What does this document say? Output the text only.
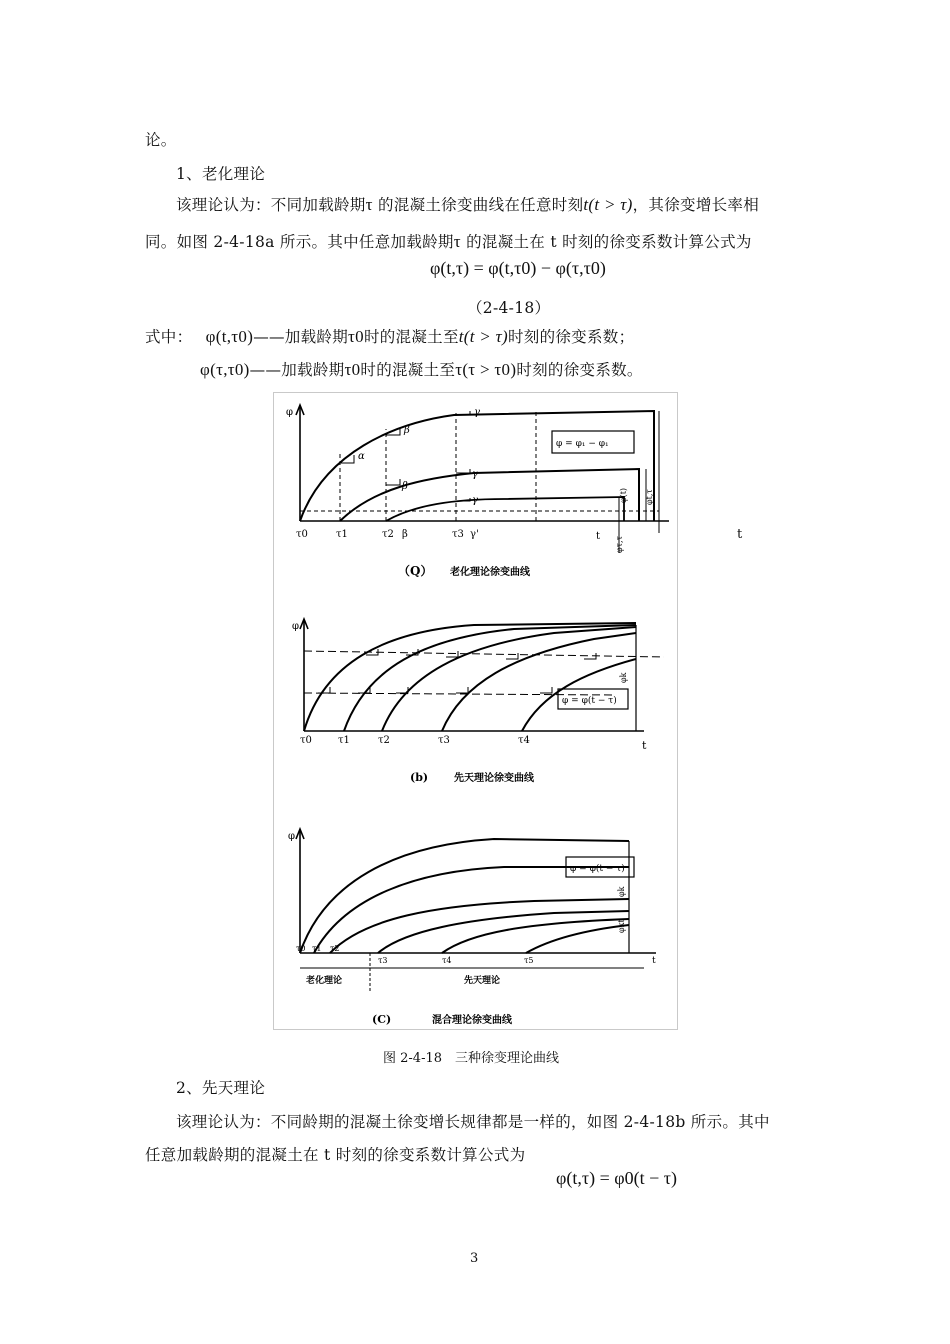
论。
1、老化理论
该理论认为：不同加载龄期τ 的混凝土徐变曲线在任意时刻t(t > τ)，其徐变增长率相
同。如图 2-4-18a 所示。其中任意加载龄期τ 的混凝土在 t 时刻的徐变系数计算公式为
φ(t,τ) = φ(t,τ0) − φ(τ,τ0)
（2-4-18）
式中： φ(t,τ0)——加载龄期τ0时的混凝土至t(t > τ)时刻的徐变系数；
φ(τ,τ0)——加载龄期τ0时的混凝土至τ(τ > τ0)时刻的徐变系数。
t
φ
τ0	τ1	τ2 β	τ3 γ'	t
α
β
γ
β
γ
γ
φ = φ₁ − φ₁
φ(t) φt,τ
φτ,τ
（Q） 老化理论徐变曲线
φ
τ0	τ1	τ2	τ3	τ4	t
φ = φ(t − τ)
φk
(b)	先天理论徐变曲线
φ
τ0 τ1 τ2
τ3	τ4	τ5	t
φ = φ(t − τ)
φk
φkt
老化理论	先天理论
(C)	混合理论徐变曲线
图 2-4-18　三种徐变理论曲线
2、先天理论
该理论认为：不同龄期的混凝土徐变增长规律都是一样的，如图 2-4-18b 所示。其中
任意加载龄期的混凝土在 t 时刻的徐变系数计算公式为
φ(t,τ) = φ0(t − τ)
3
